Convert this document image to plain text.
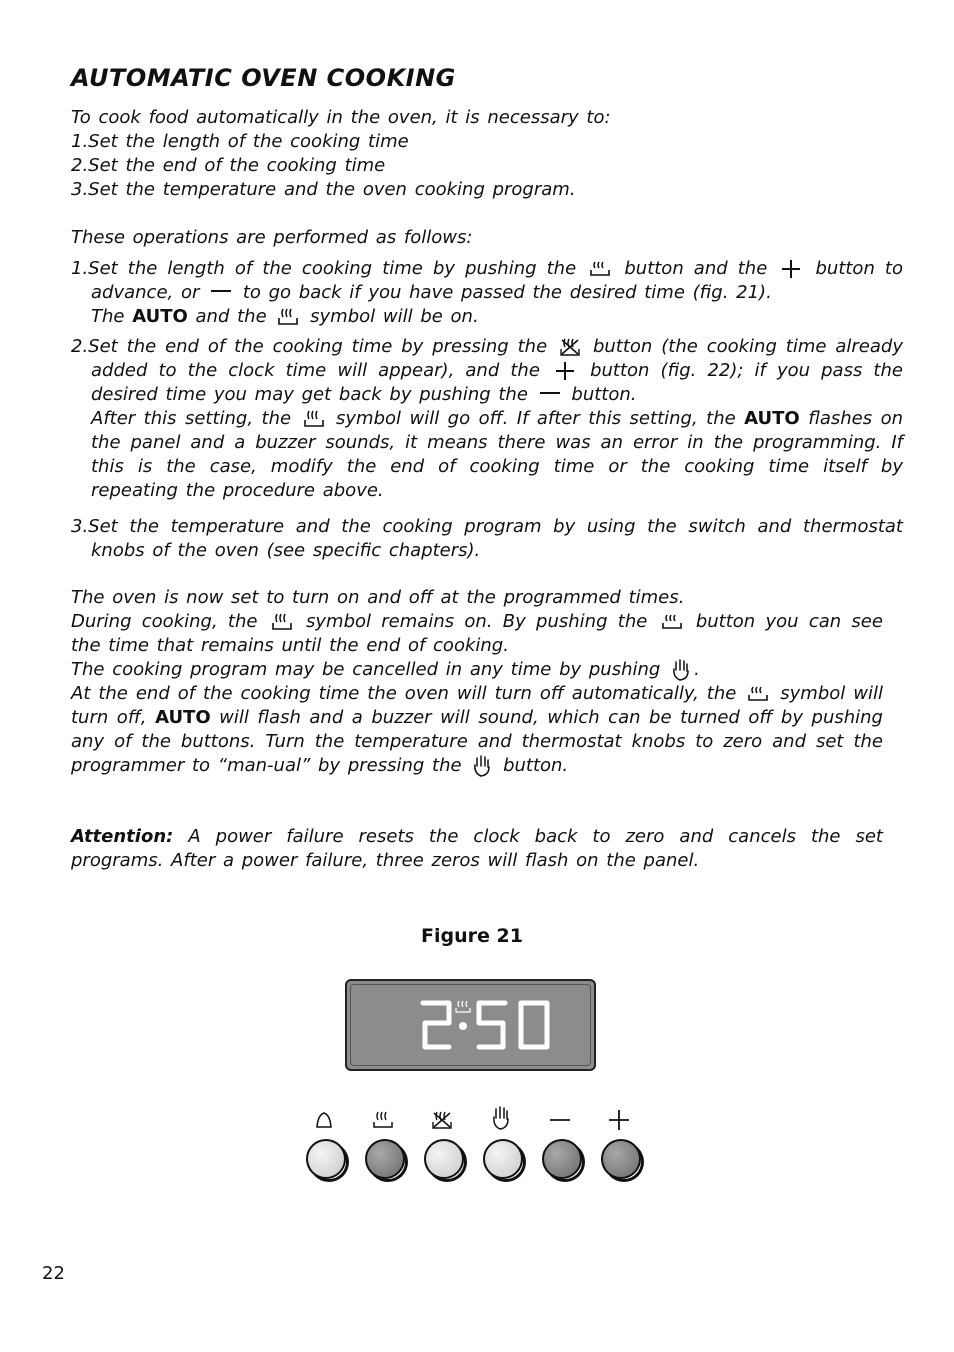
AUTOMATIC OVEN COOKING

To cook food automatically in the oven, it is necessary to:

1.Set the length of the cooking time

2.Set the end of the cooking time

3.Set the temperature and the oven cooking program.

These operations are performed as follows:

1.Set the length of the cooking time by pushing the	button and the	button to advance, or to go back if you have passed the desired time (fig. 21).
The AUTO and the symbol will be on.
2.Set the end of the cooking time by pressing the	button (the cooking time already added to the clock time will appear), and the	button (fig. 22); if you pass the desired time you may get back by pushing the button.
After this setting, the symbol will go off. If after this setting, the AUTO flashes on the panel and a buzzer sounds, it means there was an error in the programming. If this is the case, modify the end of cooking time or the cooking time itself by repeating the procedure above.
3.Set the temperature and the cooking program by using the switch and thermostat knobs of the oven (see specific chapters).
The oven is now set to turn on and off at the programmed times.
During cooking, the	symbol remains on. By pushing the	button you can see the time that remains until the end of cooking.
The cooking program may be cancelled in any time by pushing .
At the end of the cooking time the oven will turn off automatically, the symbol will turn off, AUTO will flash and a buzzer will sound, which can be turned off by pushing any of the buttons. Turn the temperature and thermostat knobs to zero and set the programmer to “man-ual” by pressing the button.
Attention: A power failure resets the clock back to zero and cancels the set programs. After a power failure, three zeros will flash on the panel.
Figure 21
22
